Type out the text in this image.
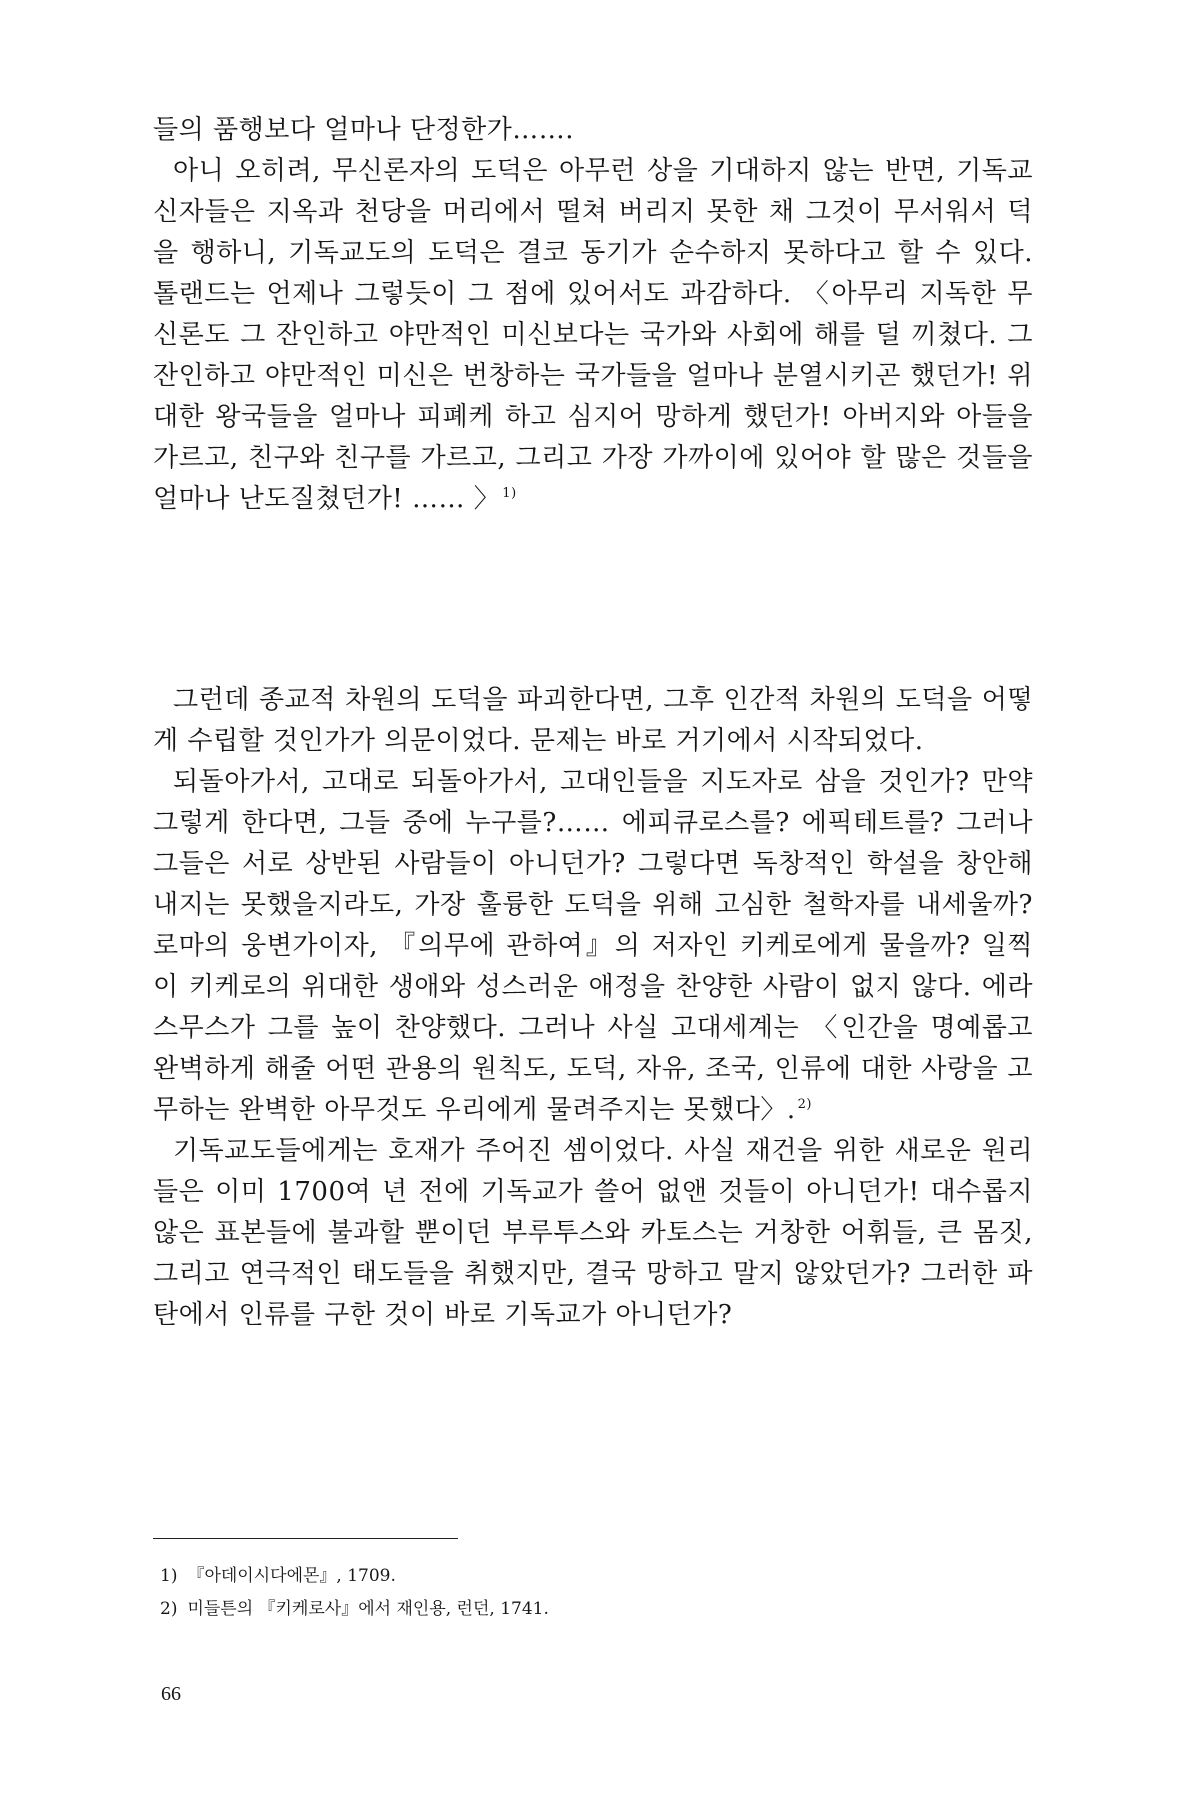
들의 품행보다 얼마나 단정한가…….

아니 오히려, 무신론자의 도덕은 아무런 상을 기대하지 않는 반면, 기독교 신자들은 지옥과 천당을 머리에서 떨쳐 버리지 못한 채 그것이 무서워서 덕을 행하니, 기독교도의 도덕은 결코 동기가 순수하지 못하다고 할 수 있다. 톨랜드는 언제나 그렇듯이 그 점에 있어서도 과감하다. 〈아무리 지독한 무신론도 그 잔인하고 야만적인 미신보다는 국가와 사회에 해를 덜 끼쳤다. 그 잔인하고 야만적인 미신은 번창하는 국가들을 얼마나 분열시키곤 했던가! 위대한 왕국들을 얼마나 피폐케 하고 심지어 망하게 했던가! 아버지와 아들을 가르고, 친구와 친구를 가르고, 그리고 가장 가까이에 있어야 할 많은 것들을 얼마나 난도질쳤던가! …… 〉 $^{1)}$

그런데 종교적 차원의 도덕을 파괴한다면, 그후 인간적 차원의 도덕을 어떻게 수립할 것인가가 의문이었다. 문제는 바로 거기에서 시작되었다.

되돌아가서, 고대로 되돌아가서, 고대인들을 지도자로 삼을 것인가? 만약 그렇게 한다면, 그들 중에 누구를?…… 에피큐로스를? 에픽테트를? 그러나 그들은 서로 상반된 사람들이 아니던가? 그렇다면 독창적인 학설을 창안해 내지는 못했을지라도, 가장 훌륭한 도덕을 위해 고심한 철학자를 내세울까? 로마의 웅변가이자, 『의무에 관하여』의 저자인 키케로에게 물을까? 일찍이 키케로의 위대한 생애와 성스러운 애정을 찬양한 사람이 없지 않다. 에라스무스가 그를 높이 찬양했다. 그러나 사실 고대세계는 〈인간을 명예롭고 완벽하게 해줄 어떤 관용의 원칙도, 도덕, 자유, 조국, 인류에 대한 사랑을 고무하는 완벽한 아무것도 우리에게 물려주지는 못했다〉. $^{2)}$

기독교도들에게는 호재가 주어진 셈이었다. 사실 재건을 위한 새로운 원리들은 이미 1700여 년 전에 기독교가 쓸어 없앤 것들이 아니던가! 대수롭지 않은 표본들에 불과할 뿐이던 부루투스와 카토스는 거창한 어휘들, 큰 몸짓, 그리고 연극적인 태도들을 취했지만, 결국 망하고 말지 않았던가? 그러한 파탄에서 인류를 구한 것이 바로 기독교가 아니던가?

1) 『아데이시다에몬』, 1709.

2) 미들튼의 『키케로사』에서 재인용, 런던, 1741.

66
